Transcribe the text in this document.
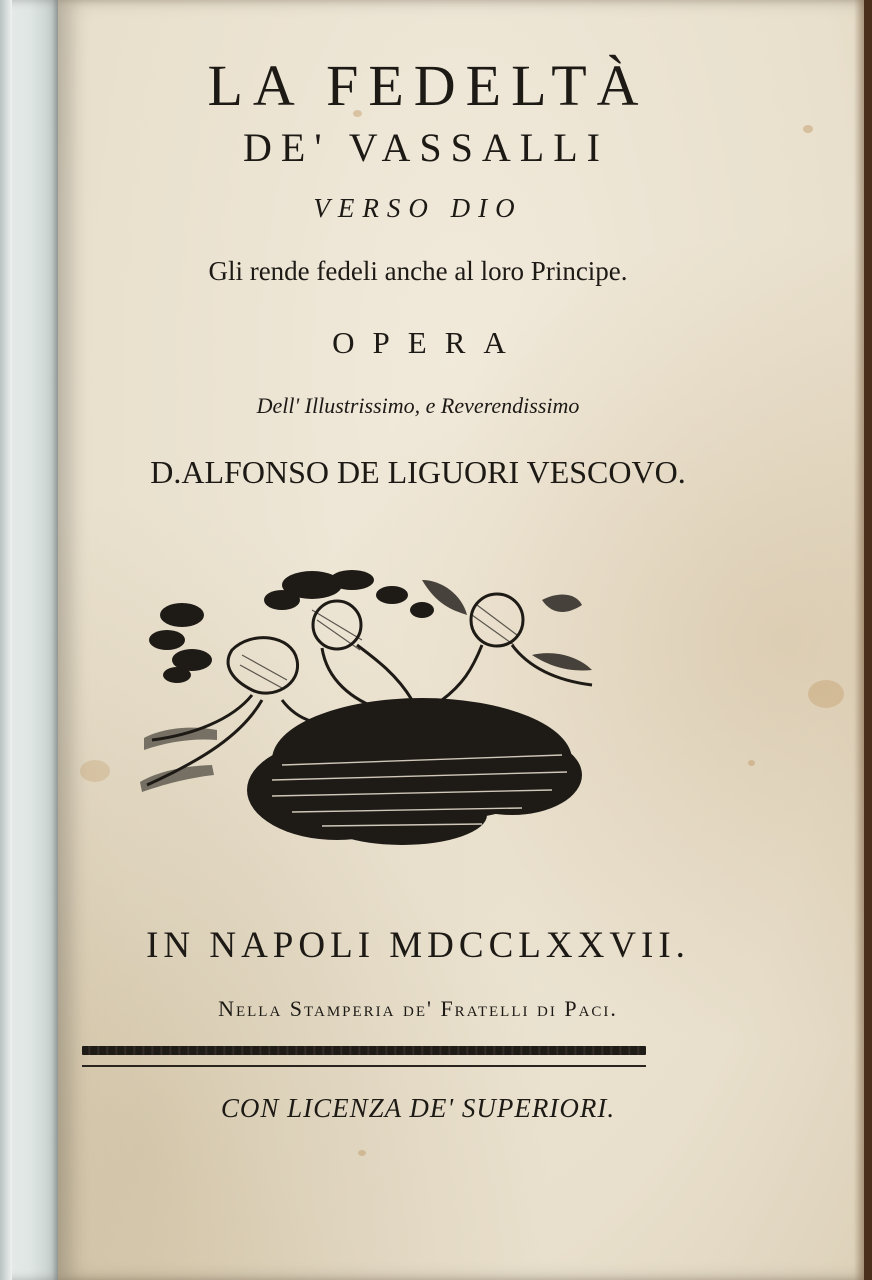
LA FEDELTÀ
DE' VASSALLI
VERSO DIO
Gli rende fedeli anche al loro Principe.
OPERA
Dell' Illustrissimo, e Reverendissimo
D.ALFONSO DE LIGUORI VESCOVO.
IN NAPOLI MDCCLXXVII.
Nella Stamperia de' Fratelli di Paci.
CON LICENZA DE' SUPERIORI.
